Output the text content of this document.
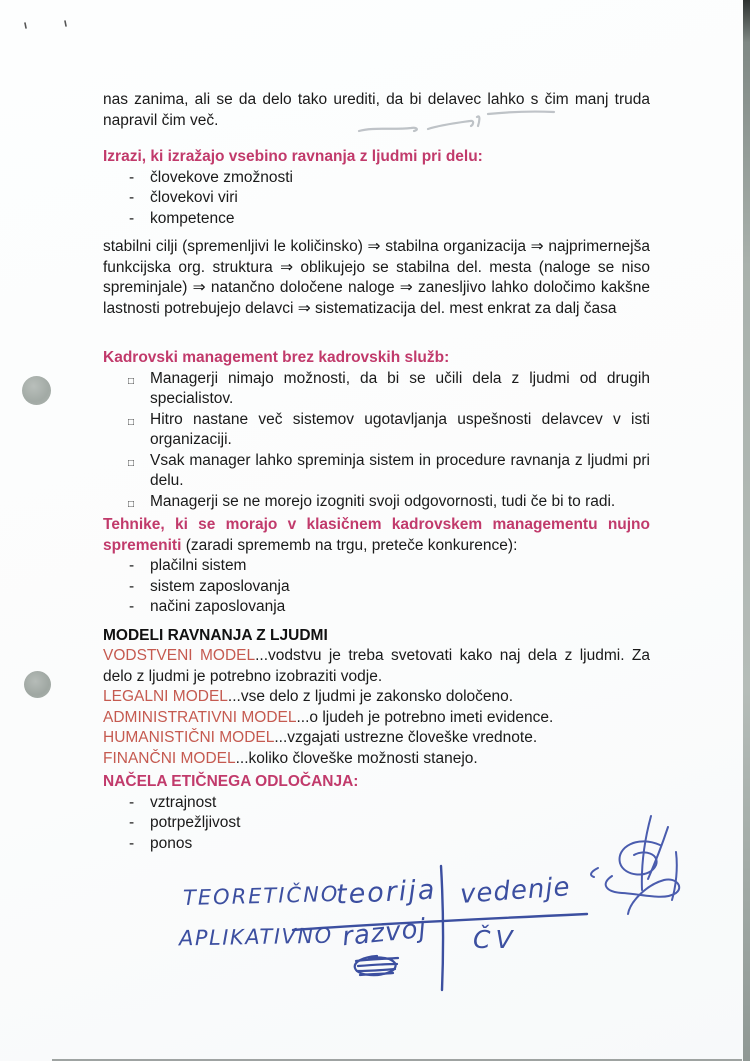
nas zanima, ali se da delo tako urediti, da bi delavec lahko s čim manj truda napravil čim več.

Izrazi, ki izražajo vsebino ravnanja z ljudmi pri delu:

- človekove zmožnosti
- človekovi viri
- kompetence

stabilni cilji (spremenljivi le količinsko) ⇒ stabilna organizacija ⇒ najprimernejša funkcijska org. struktura ⇒ oblikujejo se stabilna del. mesta (naloge se niso spreminjale) ⇒ natančno določene naloge ⇒ zanesljivo lahko določimo kakšne lastnosti potrebujejo delavci ⇒ sistematizacija del. mest enkrat za dalj časa

Kadrovski management brez kadrovskih služb:

□ Managerji nimajo možnosti, da bi se učili dela z ljudmi od drugih specialistov.
□ Hitro nastane več sistemov ugotavljanja uspešnosti delavcev v isti organizaciji.
□ Vsak manager lahko spreminja sistem in procedure ravnanja z ljudmi pri delu.
□ Managerji se ne morejo izogniti svoji odgovornosti, tudi če bi to radi.

Tehnike, ki se morajo v klasičnem kadrovskem managementu nujno spremeniti (zaradi sprememb na trgu, preteče konkurence):

- plačilni sistem
- sistem zaposlovanja
- načini zaposlovanja

MODELI RAVNANJA Z LJUDMI

VODSTVENI MODEL...vodstvu je treba svetovati kako naj dela z ljudmi. Za delo z ljudmi je potrebno izobraziti vodje.

LEGALNI MODEL...vse delo z ljudmi je zakonsko določeno.

ADMINISTRATIVNI MODEL...o ljudeh je potrebno imeti evidence.

HUMANISTIČNI MODEL...vzgajati ustrezne človeške vrednote.

FINANČNI MODEL...koliko človeške možnosti stanejo.

NAČELA ETIČNEGA ODLOČANJA:

- vztrajnost
- potrpežljivost
- ponos
TEORETIČNO
teorija vedenje
APLIKATIVNO razvoj ČV
